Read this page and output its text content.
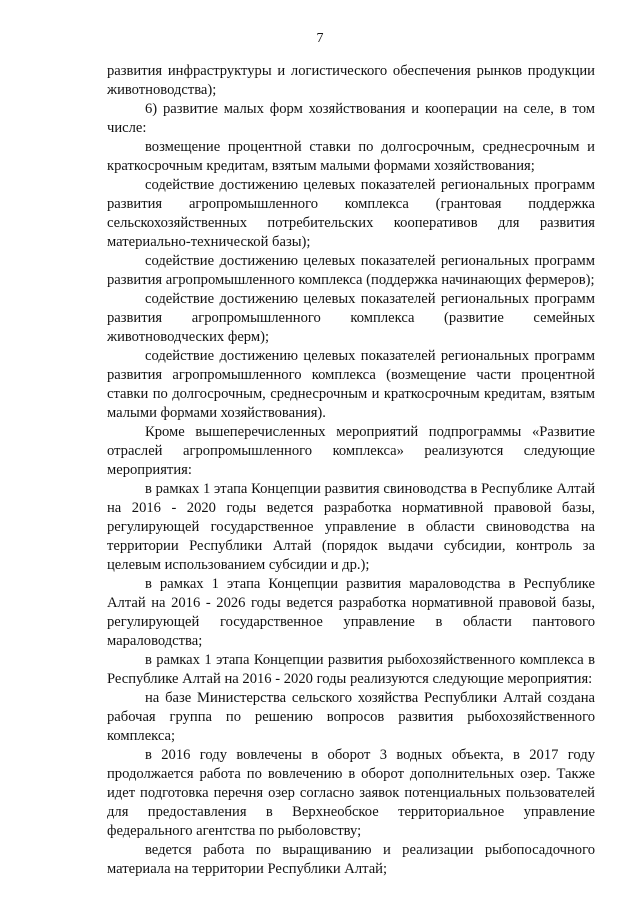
7

развития инфраструктуры и логистического обеспечения рынков продукции животноводства);

6) развитие малых форм хозяйствования и кооперации на селе, в том числе:

возмещение процентной ставки по долгосрочным, среднесрочным и краткосрочным кредитам, взятым малыми формами хозяйствования;

содействие достижению целевых показателей региональных программ развития агропромышленного комплекса (грантовая поддержка сельскохозяйственных потребительских кооперативов для развития материально-технической базы);

содействие достижению целевых показателей региональных программ развития агропромышленного комплекса (поддержка начинающих фермеров);

содействие достижению целевых показателей региональных программ развития агропромышленного комплекса (развитие семейных животноводческих ферм);

содействие достижению целевых показателей региональных программ развития агропромышленного комплекса (возмещение части процентной ставки по долгосрочным, среднесрочным и краткосрочным кредитам, взятым малыми формами хозяйствования).

Кроме вышеперечисленных мероприятий подпрограммы «Развитие отраслей агропромышленного комплекса» реализуются следующие мероприятия:

в рамках 1 этапа Концепции развития свиноводства в Республике Алтай на 2016 - 2020 годы ведется разработка нормативной правовой базы, регулирующей государственное управление в области свиноводства на территории Республики Алтай (порядок выдачи субсидии, контроль за целевым использованием субсидии и др.);

в рамках 1 этапа Концепции развития мараловодства в Республике Алтай на 2016 - 2026 годы ведется разработка нормативной правовой базы, регулирующей государственное управление в области пантового мараловодства;

в рамках 1 этапа Концепции развития рыбохозяйственного комплекса в Республике Алтай на 2016 - 2020 годы реализуются следующие мероприятия:

на базе Министерства сельского хозяйства Республики Алтай создана рабочая группа по решению вопросов развития рыбохозяйственного комплекса;

в 2016 году вовлечены в оборот 3 водных объекта, в 2017 году продолжается работа по вовлечению в оборот дополнительных озер. Также идет подготовка перечня озер согласно заявок потенциальных пользователей для предоставления в Верхнеобское территориальное управление федерального агентства по рыболовству;

ведется работа по выращиванию и реализации рыбопосадочного материала на территории Республики Алтай;
